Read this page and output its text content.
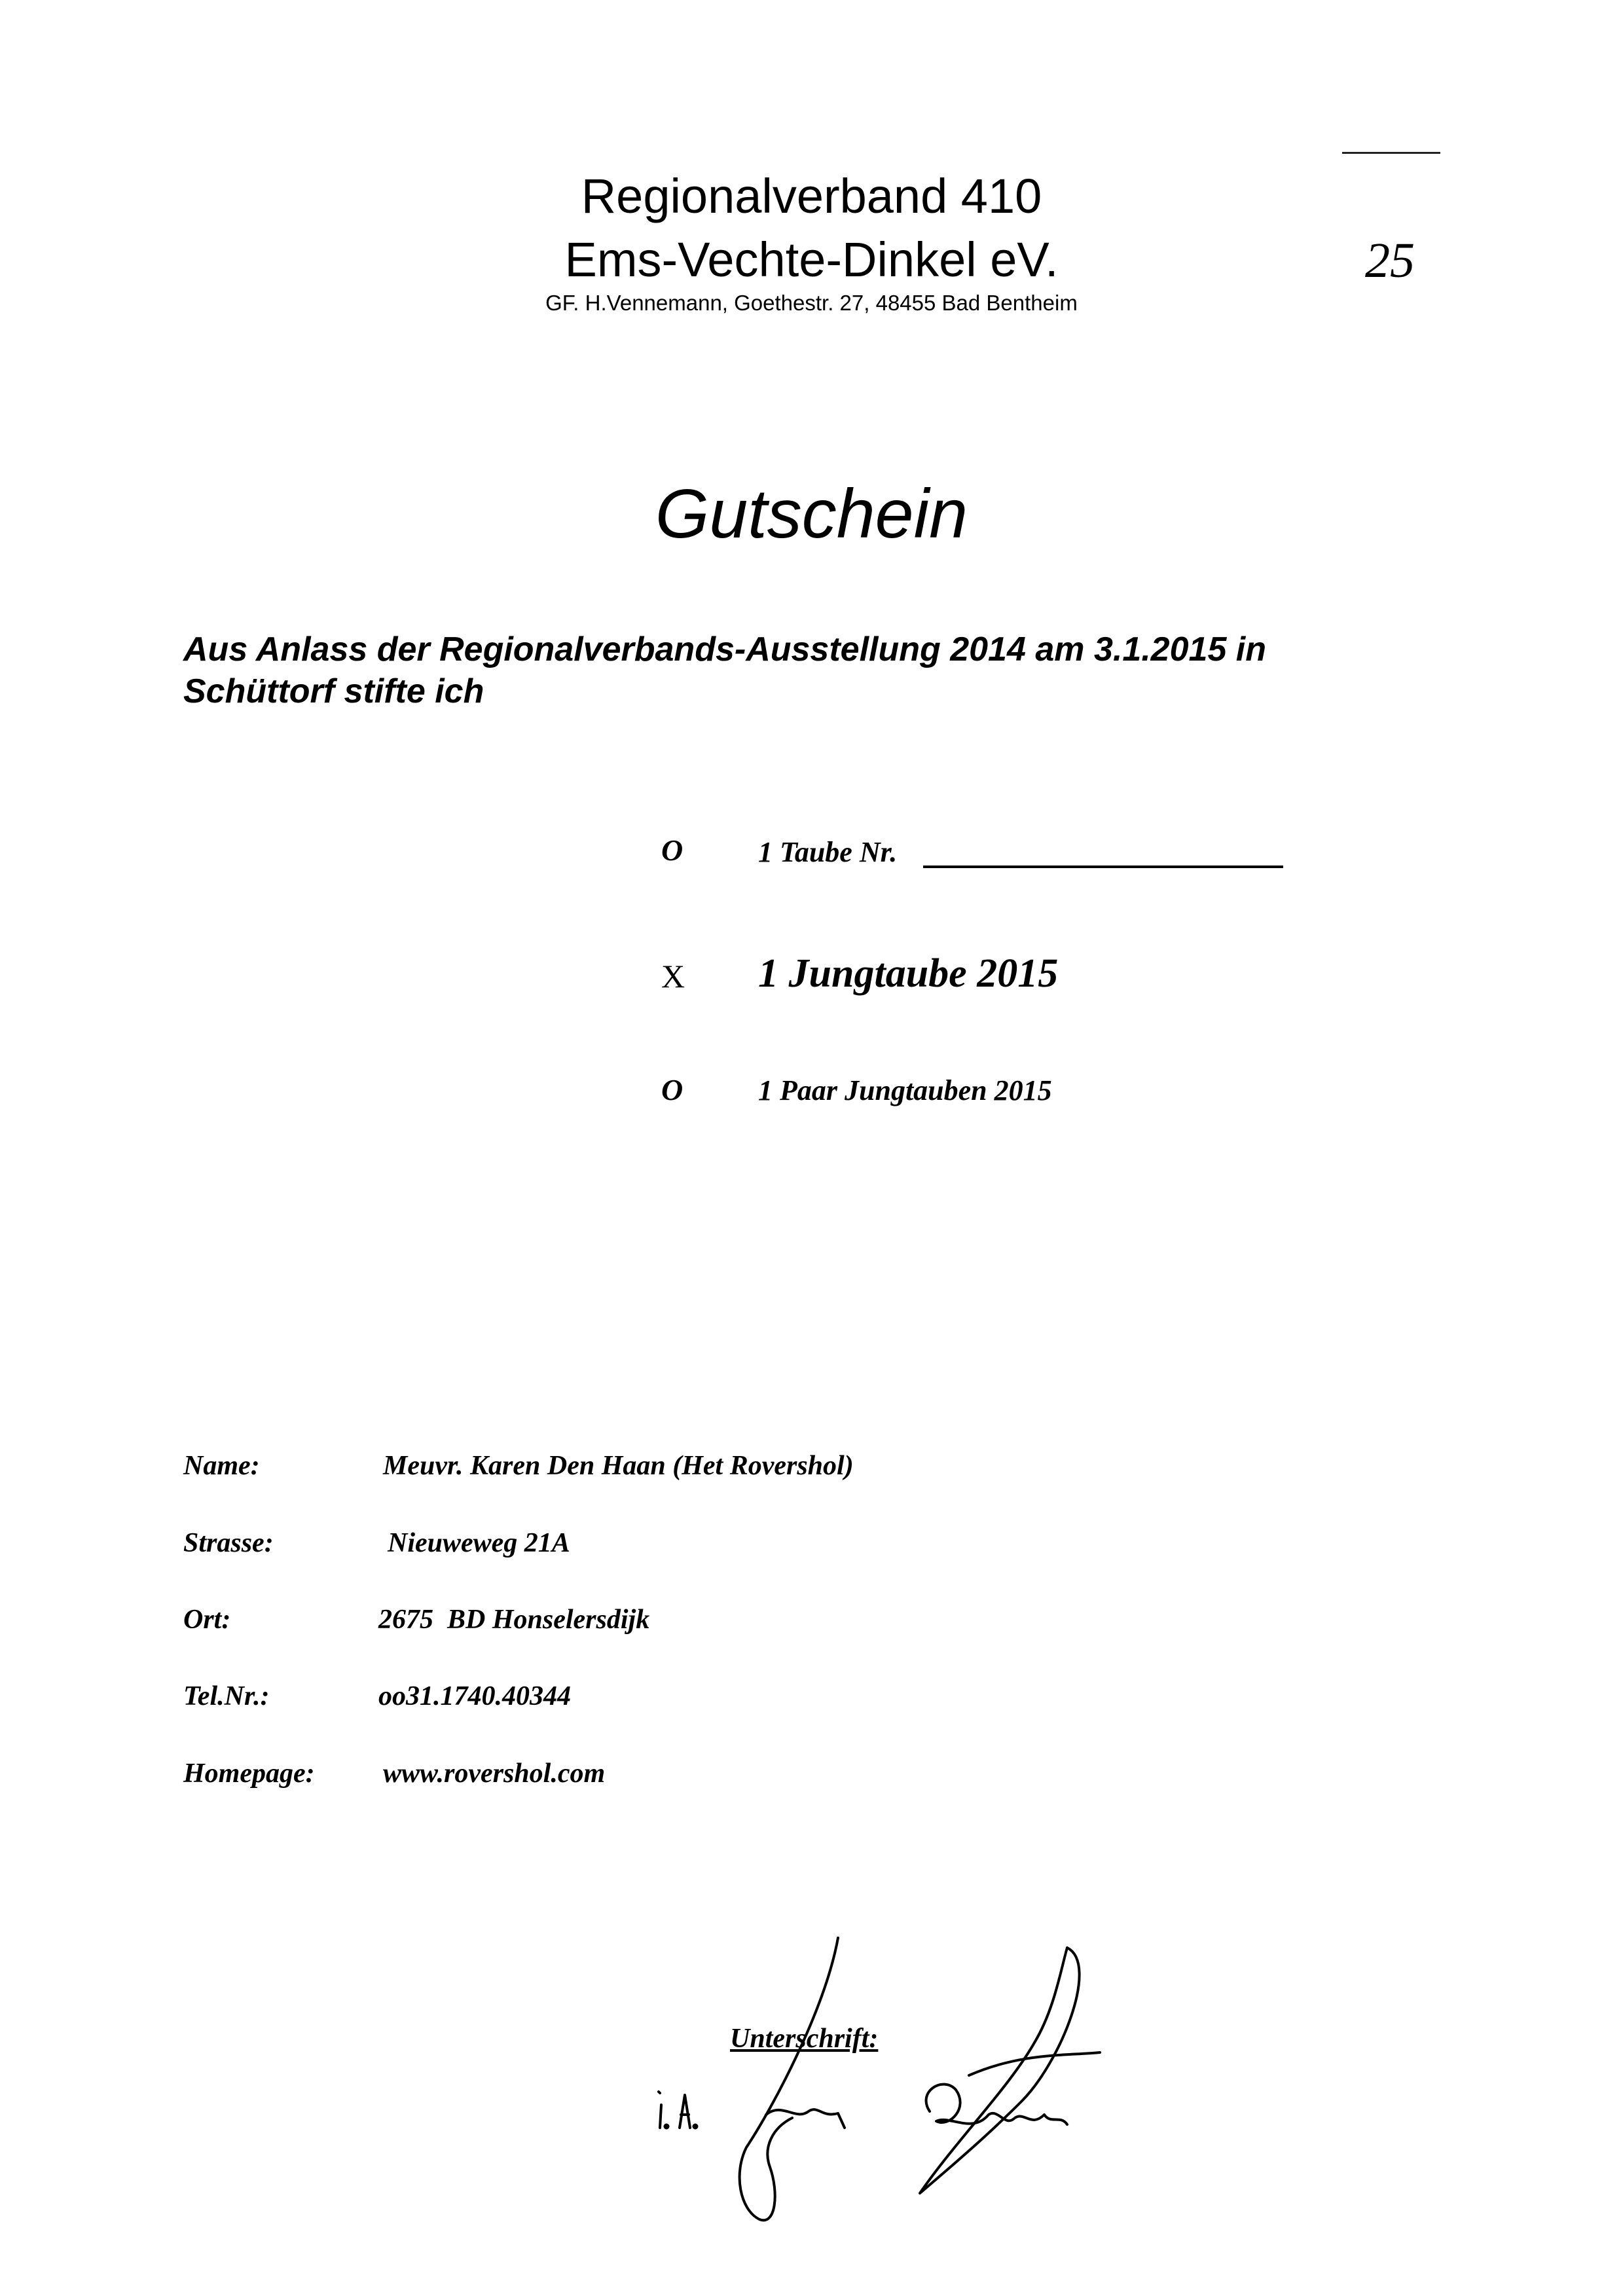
Regionalverband 410
Ems-Vechte-Dinkel eV.
GF. H.Vennemann, Goethestr. 27, 48455 Bad Bentheim
25
Gutschein
Aus Anlass der Regionalverbands-Ausstellung 2014 am 3.1.2015 in
Schüttorf stifte ich
O	1 Taube Nr.
X 1 Jungtaube 2015
O	1 Paar Jungtauben 2015
Name:	Meuvr. Karen Den Haan (Het Rovershol)
Strasse:	Nieuweweg 21A
Ort:	2675  BD Honselersdijk
Tel.Nr.:	oo31.1740.40344
Homepage: www.rovershol.com
Unterschrift:
